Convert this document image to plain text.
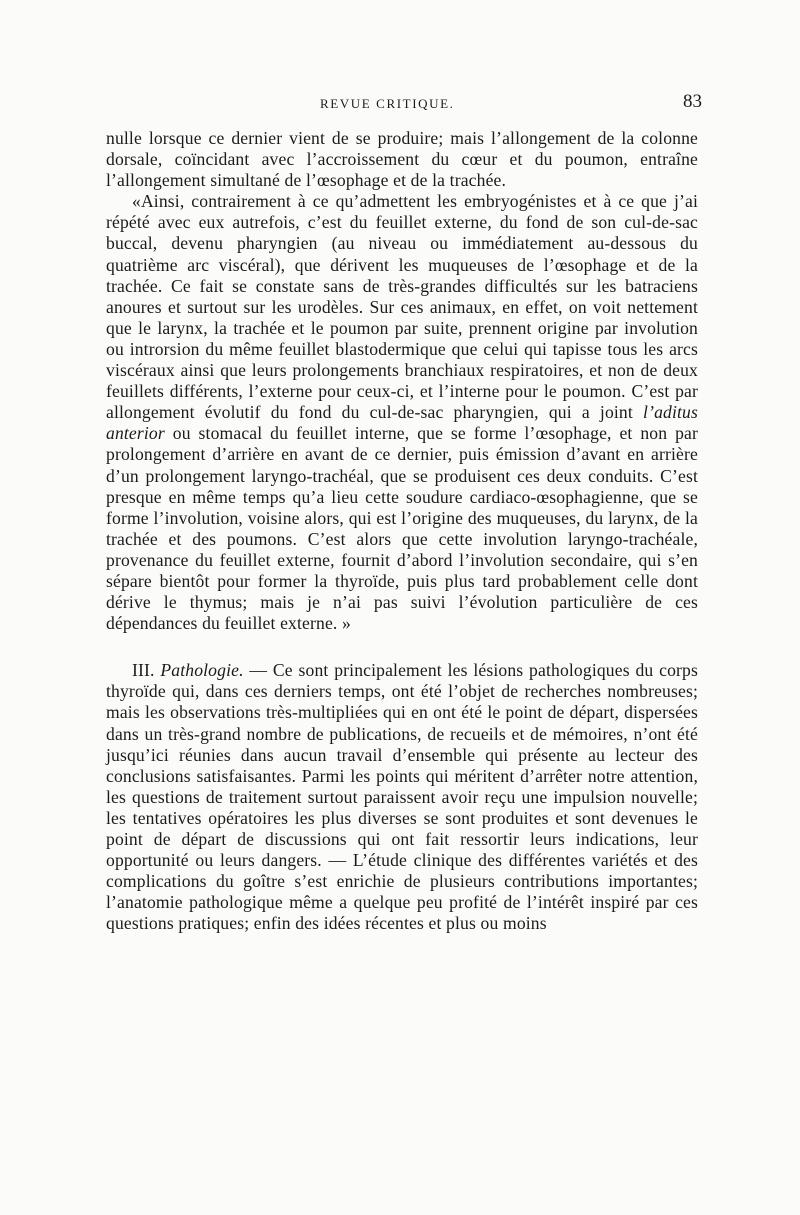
REVUE CRITIQUE.	83

nulle lorsque ce dernier vient de se produire; mais l’allongement de la colonne dorsale, coïncidant avec l’accroissement du cœur et du poumon, entraîne l’allongement simultané de l’œsophage et de la trachée.

«Ainsi, contrairement à ce qu’admettent les embryogénistes et à ce que j’ai répété avec eux autrefois, c’est du feuillet externe, du fond de son cul-de-sac buccal, devenu pharyngien (au niveau ou immédiatement au-dessous du quatrième arc viscéral), que dérivent les muqueuses de l’œsophage et de la trachée. Ce fait se constate sans de très-grandes difficultés sur les batraciens anoures et surtout sur les urodèles. Sur ces animaux, en effet, on voit nettement que le larynx, la trachée et le poumon par suite, prennent origine par involution ou introrsion du même feuillet blastodermique que celui qui tapisse tous les arcs viscéraux ainsi que leurs prolongements branchiaux respiratoires, et non de deux feuillets différents, l’externe pour ceux-ci, et l’interne pour le poumon. C’est par allongement évolutif du fond du cul-de-sac pharyngien, qui a joint l’aditus anterior ou stomacal du feuillet interne, que se forme l’œsophage, et non par prolongement d’arrière en avant de ce dernier, puis émission d’avant en arrière d’un prolongement laryngo-trachéal, que se produisent ces deux conduits. C’est presque en même temps qu’a lieu cette soudure cardiaco-œsophagienne, que se forme l’involution, voisine alors, qui est l’origine des muqueuses, du larynx, de la trachée et des poumons. C’est alors que cette involution laryngo-trachéale, provenance du feuillet externe, fournit d’abord l’involution secondaire, qui s’en sépare bientôt pour former la thyroïde, puis plus tard probablement celle dont dérive le thymus; mais je n’ai pas suivi l’évolution particulière de ces dépendances du feuillet externe. »

III. Pathologie. — Ce sont principalement les lésions pathologiques du corps thyroïde qui, dans ces derniers temps, ont été l’objet de recherches nombreuses; mais les observations très-multipliées qui en ont été le point de départ, dispersées dans un très-grand nombre de publications, de recueils et de mémoires, n’ont été jusqu’ici réunies dans aucun travail d’ensemble qui présente au lecteur des conclusions satisfaisantes. Parmi les points qui méritent d’arrêter notre attention, les questions de traitement surtout paraissent avoir reçu une impulsion nouvelle; les tentatives opératoires les plus diverses se sont produites et sont devenues le point de départ de discussions qui ont fait ressortir leurs indications, leur opportunité ou leurs dangers. — L’étude clinique des différentes variétés et des complications du goître s’est enrichie de plusieurs contributions importantes; l’anatomie pathologique même a quelque peu profité de l’intérêt inspiré par ces questions pratiques; enfin des idées récentes et plus ou moins
